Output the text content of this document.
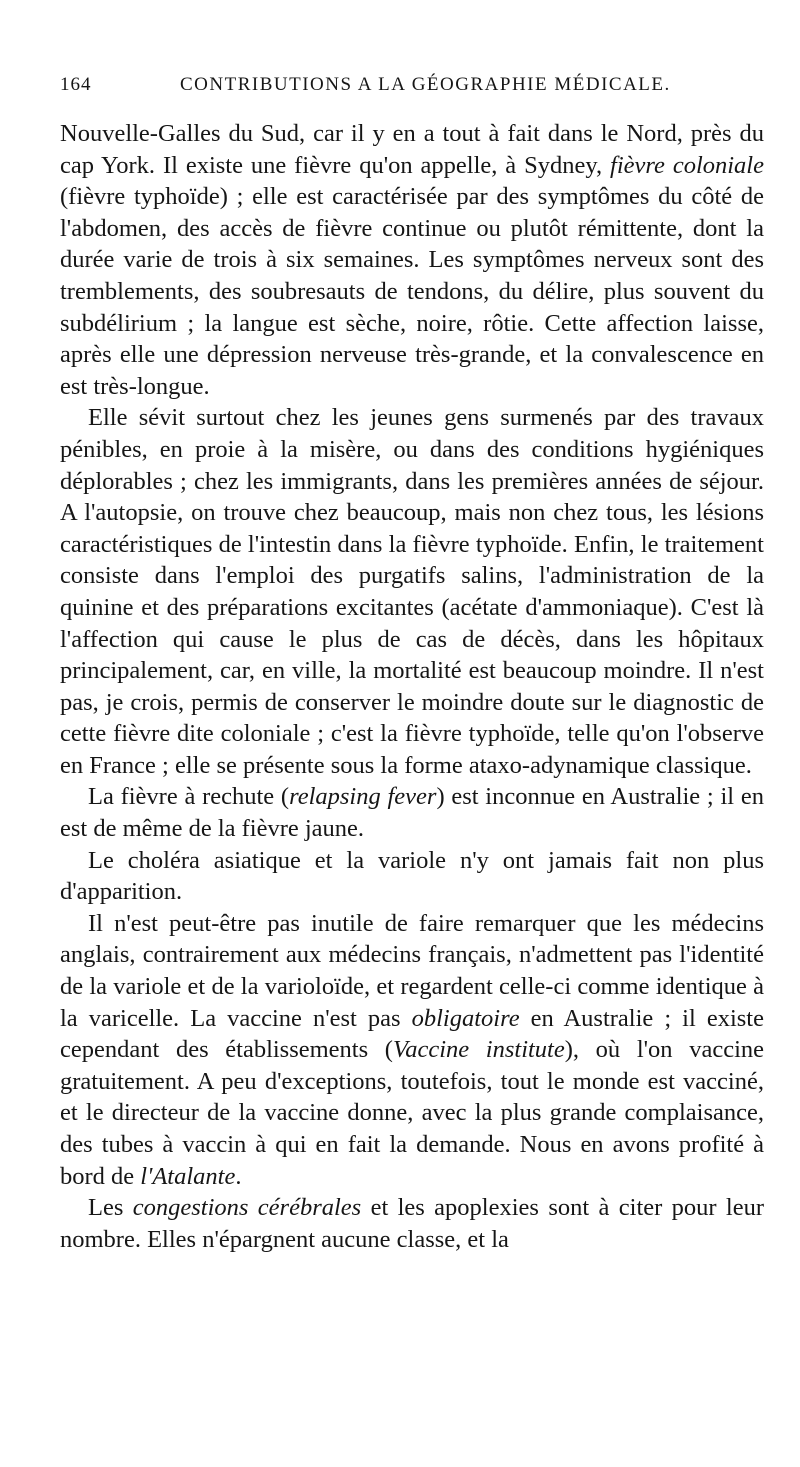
164	CONTRIBUTIONS A LA GÉOGRAPHIE MÉDICALE.

Nouvelle-Galles du Sud, car il y en a tout à fait dans le Nord, près du cap York. Il existe une fièvre qu'on appelle, à Sydney, fièvre coloniale (fièvre typhoïde) ; elle est caractérisée par des symptômes du côté de l'abdomen, des accès de fièvre continue ou plutôt rémittente, dont la durée varie de trois à six semaines. Les symptômes nerveux sont des tremblements, des soubresauts de tendons, du délire, plus souvent du subdélirium ; la langue est sèche, noire, rôtie. Cette affection laisse, après elle une dépression nerveuse très-grande, et la convalescence en est très-longue.

Elle sévit surtout chez les jeunes gens surmenés par des travaux pénibles, en proie à la misère, ou dans des conditions hygiéniques déplorables ; chez les immigrants, dans les premières années de séjour. A l'autopsie, on trouve chez beaucoup, mais non chez tous, les lésions caractéristiques de l'intestin dans la fièvre typhoïde. Enfin, le traitement consiste dans l'emploi des purgatifs salins, l'administration de la quinine et des préparations excitantes (acétate d'ammoniaque). C'est là l'affection qui cause le plus de cas de décès, dans les hôpitaux principalement, car, en ville, la mortalité est beaucoup moindre. Il n'est pas, je crois, permis de conserver le moindre doute sur le diagnostic de cette fièvre dite coloniale ; c'est la fièvre typhoïde, telle qu'on l'observe en France ; elle se présente sous la forme ataxo-adynamique classique.

La fièvre à rechute (relapsing fever) est inconnue en Australie ; il en est de même de la fièvre jaune.

Le choléra asiatique et la variole n'y ont jamais fait non plus d'apparition.

Il n'est peut-être pas inutile de faire remarquer que les médecins anglais, contrairement aux médecins français, n'admettent pas l'identité de la variole et de la varioloïde, et regardent celle-ci comme identique à la varicelle. La vaccine n'est pas obligatoire en Australie ; il existe cependant des établissements (Vaccine institute), où l'on vaccine gratuitement. A peu d'exceptions, toutefois, tout le monde est vacciné, et le directeur de la vaccine donne, avec la plus grande complaisance, des tubes à vaccin à qui en fait la demande. Nous en avons profité à bord de l'Atalante.

Les congestions cérébrales et les apoplexies sont à citer pour leur nombre. Elles n'épargnent aucune classe, et la
